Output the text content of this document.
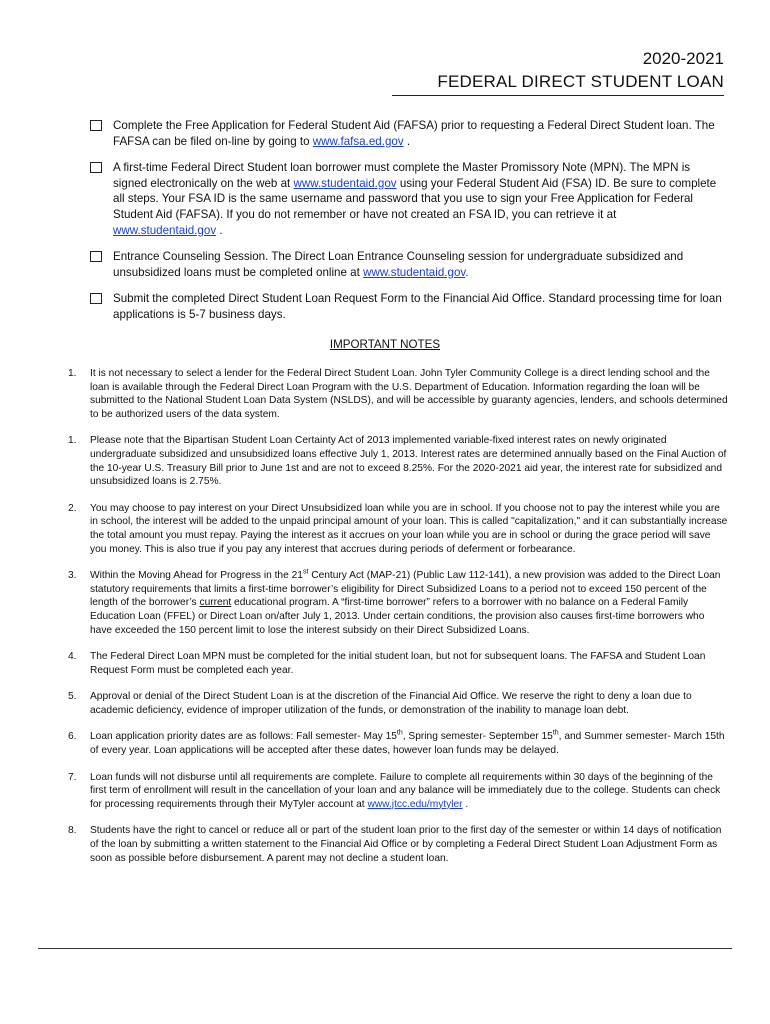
2020-2021
FEDERAL DIRECT STUDENT LOAN
Complete the Free Application for Federal Student Aid (FAFSA) prior to requesting a Federal Direct Student loan. The FAFSA can be filed on-line by going to www.fafsa.ed.gov .
A first-time Federal Direct Student loan borrower must complete the Master Promissory Note (MPN). The MPN is signed electronically on the web at www.studentaid.gov using your Federal Student Aid (FSA) ID. Be sure to complete all steps. Your FSA ID is the same username and password that you use to sign your Free Application for Federal Student Aid (FAFSA). If you do not remember or have not created an FSA ID, you can retrieve it at www.studentaid.gov .
Entrance Counseling Session. The Direct Loan Entrance Counseling session for undergraduate subsidized and unsubsidized loans must be completed online at www.studentaid.gov.
Submit the completed Direct Student Loan Request Form to the Financial Aid Office. Standard processing time for loan applications is 5-7 business days.
IMPORTANT NOTES
1. It is not necessary to select a lender for the Federal Direct Student Loan. John Tyler Community College is a direct lending school and the loan is available through the Federal Direct Loan Program with the U.S. Department of Education. Information regarding the loan will be submitted to the National Student Loan Data System (NSLDS), and will be accessible by guaranty agencies, lenders, and schools determined to be authorized users of the data system.
1. Please note that the Bipartisan Student Loan Certainty Act of 2013 implemented variable-fixed interest rates on newly originated undergraduate subsidized and unsubsidized loans effective July 1, 2013. Interest rates are determined annually based on the Final Auction of the 10-year U.S. Treasury Bill prior to June 1st and are not to exceed 8.25%. For the 2020-2021 aid year, the interest rate for subsidized and unsubsidized loans is 2.75%.
2. You may choose to pay interest on your Direct Unsubsidized loan while you are in school. If you choose not to pay the interest while you are in school, the interest will be added to the unpaid principal amount of your loan. This is called "capitalization," and it can substantially increase the total amount you must repay. Paying the interest as it accrues on your loan while you are in school or during the grace period will save you money. This is also true if you pay any interest that accrues during periods of deferment or forbearance.
3. Within the Moving Ahead for Progress in the 21st Century Act (MAP-21) (Public Law 112-141), a new provision was added to the Direct Loan statutory requirements that limits a first-time borrower’s eligibility for Direct Subsidized Loans to a period not to exceed 150 percent of the length of the borrower’s current educational program. A “first-time borrower” refers to a borrower with no balance on a Federal Family Education Loan (FFEL) or Direct Loan on/after July 1, 2013. Under certain conditions, the provision also causes first-time borrowers who have exceeded the 150 percent limit to lose the interest subsidy on their Direct Subsidized Loans.
4. The Federal Direct Loan MPN must be completed for the initial student loan, but not for subsequent loans. The FAFSA and Student Loan Request Form must be completed each year.
5. Approval or denial of the Direct Student Loan is at the discretion of the Financial Aid Office. We reserve the right to deny a loan due to academic deficiency, evidence of improper utilization of the funds, or demonstration of the inability to manage loan debt.
6. Loan application priority dates are as follows: Fall semester- May 15th, Spring semester- September 15th, and Summer semester- March 15th of every year. Loan applications will be accepted after these dates, however loan funds may be delayed.
7. Loan funds will not disburse until all requirements are complete. Failure to complete all requirements within 30 days of the beginning of the first term of enrollment will result in the cancellation of your loan and any balance will be immediately due to the college. Students can check for processing requirements through their MyTyler account at www.jtcc.edu/mytyler .
8. Students have the right to cancel or reduce all or part of the student loan prior to the first day of the semester or within 14 days of notification of the loan by submitting a written statement to the Financial Aid Office or by completing a Federal Direct Student Loan Adjustment Form as soon as possible before disbursement. A parent may not decline a student loan.
